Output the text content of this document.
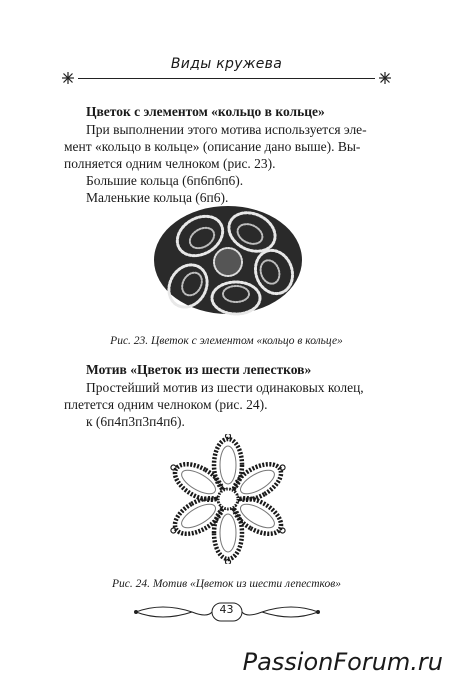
Виды кружева
Цветок с элементом «кольцо в кольце»

При выполнении этого мотива используется эле-

мент «кольцо в кольце» (описание дано выше). Вы-

полняется одним челноком (рис. 23).

Большие кольца (6п6п6п6).

Маленькие кольца (6п6).

Рис. 23. Цветок с элементом «кольцо в кольце»
Мотив «Цветок из шести лепестков»

Простейший мотив из шести одинаковых колец,

плетется одним челноком (рис. 24).

к (6п4п3п3п4п6).

Рис. 24. Мотив «Цветок из шести лепестков»
43
PassionForum.ru
